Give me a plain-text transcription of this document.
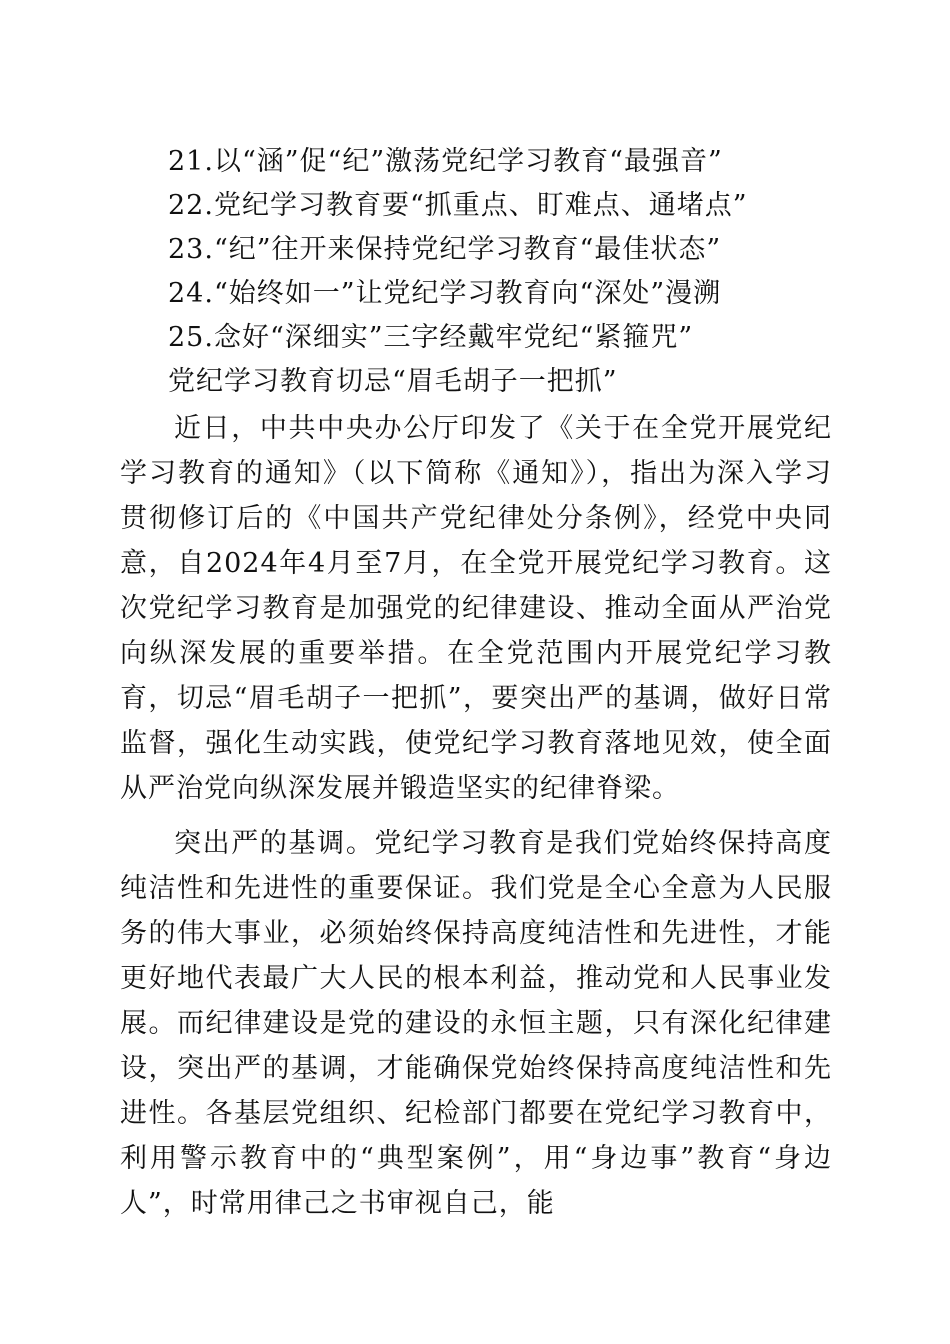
21.以“涵”促“纪”激荡党纪学习教育“最强音”
22.党纪学习教育要“抓重点、盯难点、通堵点”
23.“纪”往开来保持党纪学习教育“最佳状态”
24.“始终如一”让党纪学习教育向“深处”漫溯
25.念好“深细实”三字经戴牢党纪“紧箍咒”
党纪学习教育切忌“眉毛胡子一把抓”

近日，中共中央办公厅印发了《关于在全党开展党纪学习教育的通知》（以下简称《通知》），指出为深入学习贯彻修订后的《中国共产党纪律处分条例》，经党中央同意，自2024年4月至7月，在全党开展党纪学习教育。这次党纪学习教育是加强党的纪律建设、推动全面从严治党向纵深发展的重要举措。在全党范围内开展党纪学习教育，切忌“眉毛胡子一把抓”，要突出严的基调，做好日常监督，强化生动实践，使党纪学习教育落地见效，使全面从严治党向纵深发展并锻造坚实的纪律脊梁。

突出严的基调。党纪学习教育是我们党始终保持高度纯洁性和先进性的重要保证。我们党是全心全意为人民服务的伟大事业，必须始终保持高度纯洁性和先进性，才能更好地代表最广大人民的根本利益，推动党和人民事业发展。而纪律建设是党的建设的永恒主题，只有深化纪律建设，突出严的基调，才能确保党始终保持高度纯洁性和先进性。各基层党组织、纪检部门都要在党纪学习教育中，利用警示教育中的“典型案例”，用“身边事”教育“身边人”，时常用律己之书审视自己，能
